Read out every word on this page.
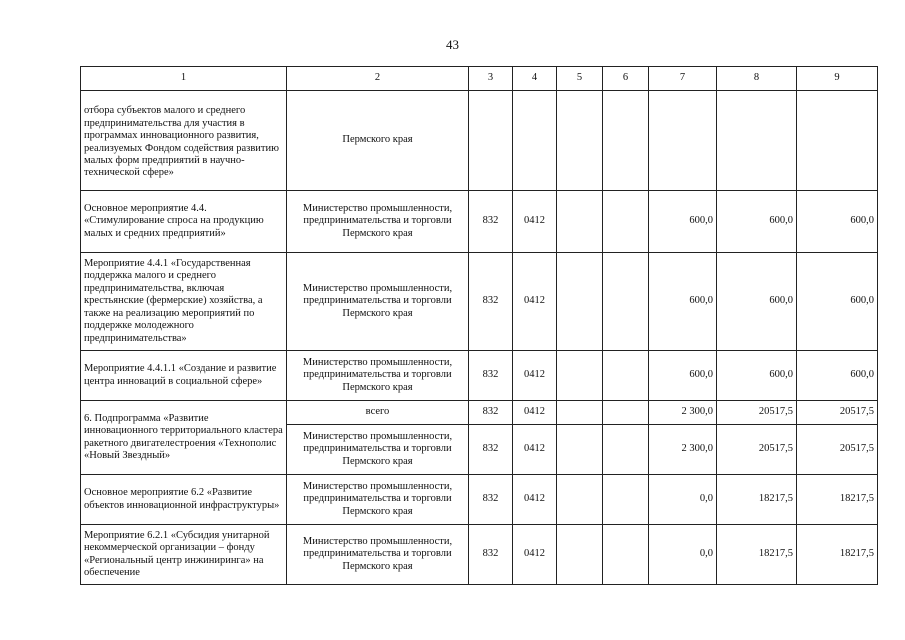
43
1	2	3	4	5	6	7	8	9
отбора субъектов малого и среднего предпринимательства для участия в программах инновационного развития, реализуемых Фондом содействия развитию малых форм предприятий в научно-технической сфере»	Пермского края							
Основное мероприятие 4.4. «Стимулирование спроса на продукцию малых и средних предприятий»	Министерство промышленности, предпринимательства и торговли Пермского края	832	0412			600,0	600,0	600,0
Мероприятие 4.4.1 «Государственная поддержка малого и среднего предпринимательства, включая крестьянские (фермерские) хозяйства, а также на реализацию мероприятий по поддержке молодежного предпринимательства»	Министерство промышленности, предпринимательства и торговли Пермского края	832	0412			600,0	600,0	600,0
Мероприятие 4.4.1.1 «Создание и развитие центра инноваций в социальной сфере»	Министерство промышленности, предпринимательства и торговли Пермского края	832	0412			600,0	600,0	600,0
6. Подпрограмма «Развитие инновационного территориального кластера ракетного двигателестроения «Технополис «Новый Звездный»	всего	832	0412			2 300,0	20517,5	20517,5
	Министерство промышленности, предпринимательства и торговли Пермского края	832	0412			2 300,0	20517,5	20517,5
Основное мероприятие 6.2 «Развитие объектов инновационной инфраструктуры»	Министерство промышленности, предпринимательства и торговли Пермского края	832	0412			0,0	18217,5	18217,5
Мероприятие 6.2.1 «Субсидия унитарной некоммерческой организации – фонду «Региональный центр инжиниринга» на обеспечение	Министерство промышленности, предпринимательства и торговли Пермского края	832	0412			0,0	18217,5	18217,5
